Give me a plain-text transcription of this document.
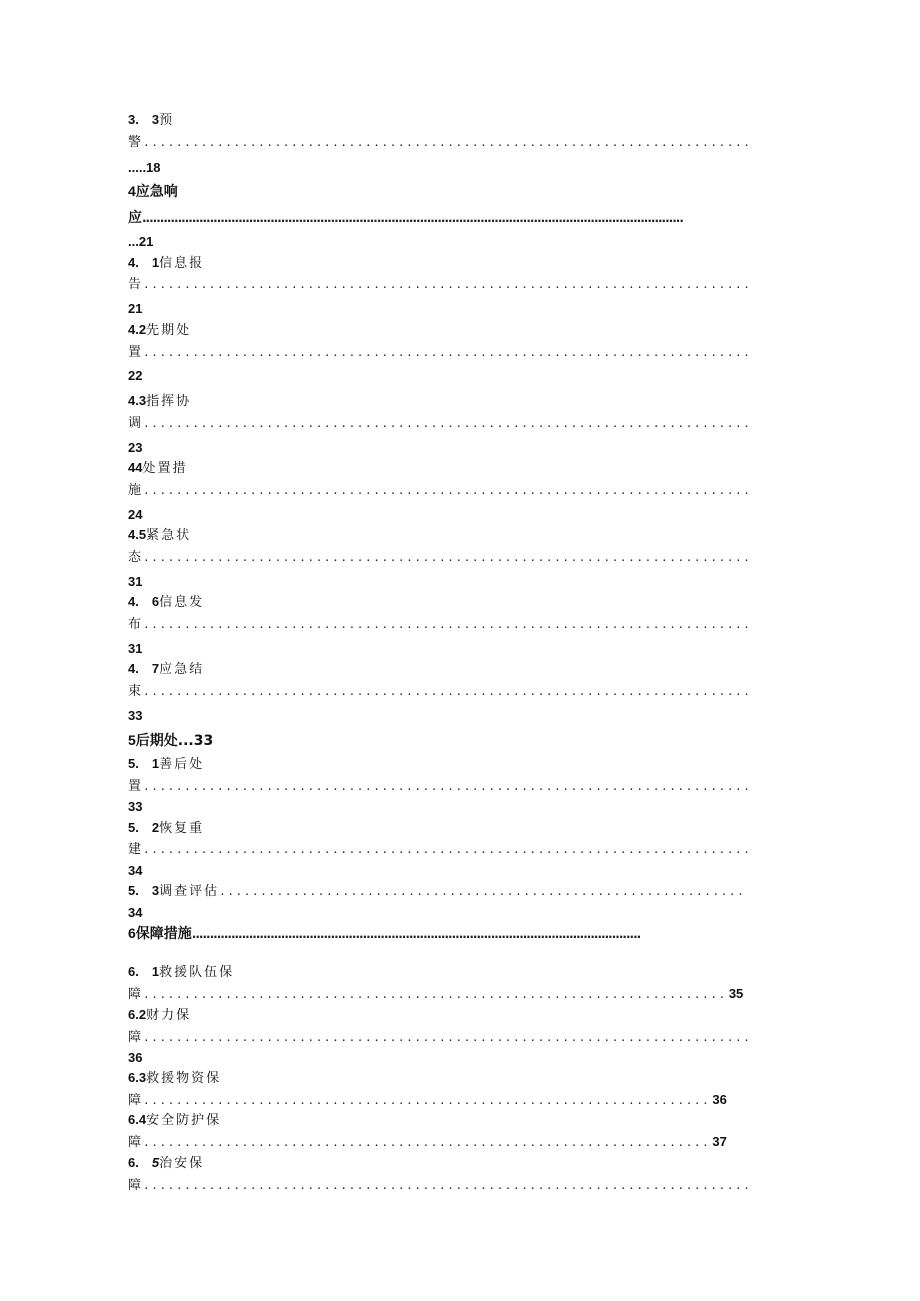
3.　3预
警..........................................................................
.....18
4应急响
应........................................................................................................................................................
...21
4.　1信息报
告..........................................................................
21
4.2先期处
置..........................................................................
22
4.3指挥协
调..........................................................................
23
44处置措
施..........................................................................
24
4.5紧急状
态..........................................................................
31
4.　6信息发
布..........................................................................
31
4.　7应急结
束..........................................................................
33
5后期处...33
5.　1善后处
置..........................................................................
33
5.　2恢复重
建..........................................................................
34
5.　3调查评估................................................................
34
6保障措施..............................................................................................................................
6.　1救援队伍保
障....................................................................... 35
6.2财力保
障..........................................................................
36
6.3救援物资保
障..................................................................... 36
6.4安全防护保
障..................................................................... 37
6.　5治安保
障..........................................................................
